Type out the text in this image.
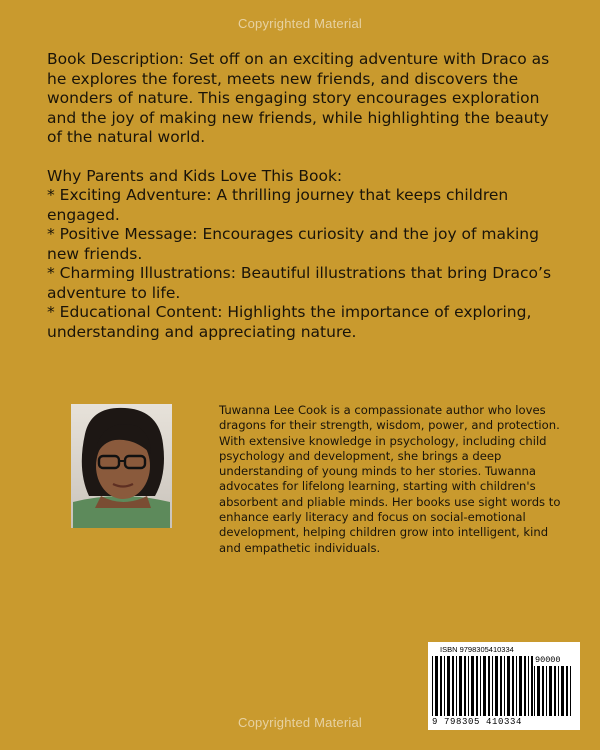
Copyrighted Material

Book Description: Set off on an exciting adventure with Draco as he explores the forest, meets new friends, and discovers the wonders of nature. This engaging story encourages exploration and the joy of making new friends, while highlighting the beauty of the natural world.

Why Parents and Kids Love This Book:

* Exciting Adventure: A thrilling journey that keeps children engaged.

* Positive Message: Encourages curiosity and the joy of making new friends.

* Charming Illustrations: Beautiful illustrations that bring Draco’s adventure to life.

* Educational Content: Highlights the importance of exploring, understanding and appreciating nature.

Tuwanna Lee Cook is a compassionate author who loves dragons for their strength, wisdom, power, and protection. With extensive knowledge in psychology, including child psychology and development, she brings a deep understanding of young minds to her stories. Tuwanna advocates for lifelong learning, starting with children's absorbent and pliable minds. Her books use sight words to enhance early literacy and focus on social-emotional development, helping children grow into intelligent, kind and empathetic individuals.
ISBN 9798305410334
90000
9 798305 410334
Copyrighted Material
